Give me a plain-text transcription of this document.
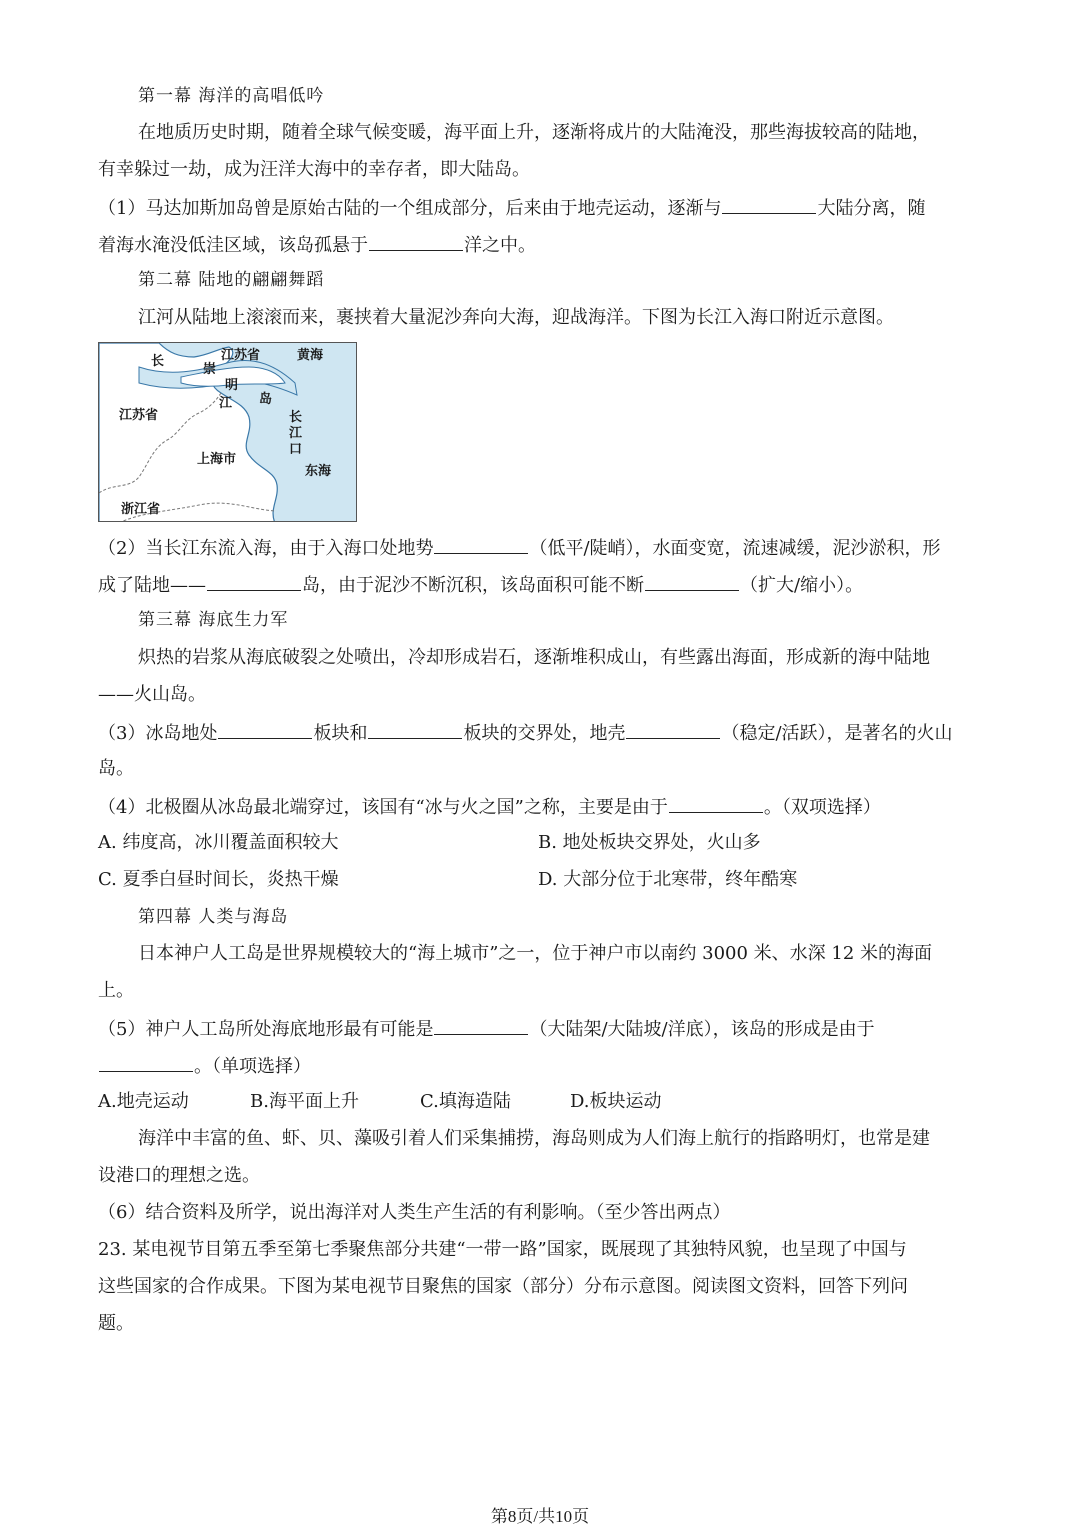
第一幕 海洋的高唱低吟
在地质历史时期，随着全球气候变暖，海平面上升，逐渐将成片的大陆淹没，那些海拔较高的陆地，
有幸躲过一劫，成为汪洋大海中的幸存者，即大陆岛。
（1）马达加斯加岛曾是原始古陆的一个组成部分，后来由于地壳运动，逐渐与	大陆分离，随
着海水淹没低洼区域，该岛孤悬于	洋之中。
第二幕 陆地的翩翩舞蹈
江河从陆地上滚滚而来，裹挟着大量泥沙奔向大海，迎战海洋。下图为长江入海口附近示意图。
长	江苏省	黄海
崇
明
江 岛
江苏省	长
江
口
上海市
东海
浙江省
（2）当长江东流入海，由于入海口处地势	（低平/陡峭），水面变宽，流速减缓，泥沙淤积，形
成了陆地——	岛，由于泥沙不断沉积，该岛面积可能不断	（扩大/缩小）。
第三幕 海底生力军
炽热的岩浆从海底破裂之处喷出，冷却形成岩石，逐渐堆积成山，有些露出海面，形成新的海中陆地
——火山岛。
（3）冰岛地处	板块和	板块的交界处，地壳	（稳定/活跃），是著名的火山
岛。
（4）北极圈从冰岛最北端穿过，该国有“冰与火之国”之称，主要是由于	。（双项选择）
A. 纬度高，冰川覆盖面积较大	B. 地处板块交界处，火山多
C. 夏季白昼时间长，炎热干燥	D. 大部分位于北寒带，终年酷寒
第四幕 人类与海岛
日本神户人工岛是世界规模较大的“海上城市”之一，位于神户市以南约 3000 米、水深 12 米的海面
上。
（5）神户人工岛所处海底地形最有可能是	（大陆架/大陆坡/洋底），该岛的形成是由于
。（单项选择）
A.地壳运动	B.海平面上升	C.填海造陆	D.板块运动
海洋中丰富的鱼、虾、贝、藻吸引着人们采集捕捞，海岛则成为人们海上航行的指路明灯，也常是建
设港口的理想之选。
（6）结合资料及所学，说出海洋对人类生产生活的有利影响。（至少答出两点）
23. 某电视节目第五季至第七季聚焦部分共建“一带一路”国家，既展现了其独特风貌，也呈现了中国与
这些国家的合作成果。下图为某电视节目聚焦的国家（部分）分布示意图。阅读图文资料，回答下列问
题。
第8页/共10页
